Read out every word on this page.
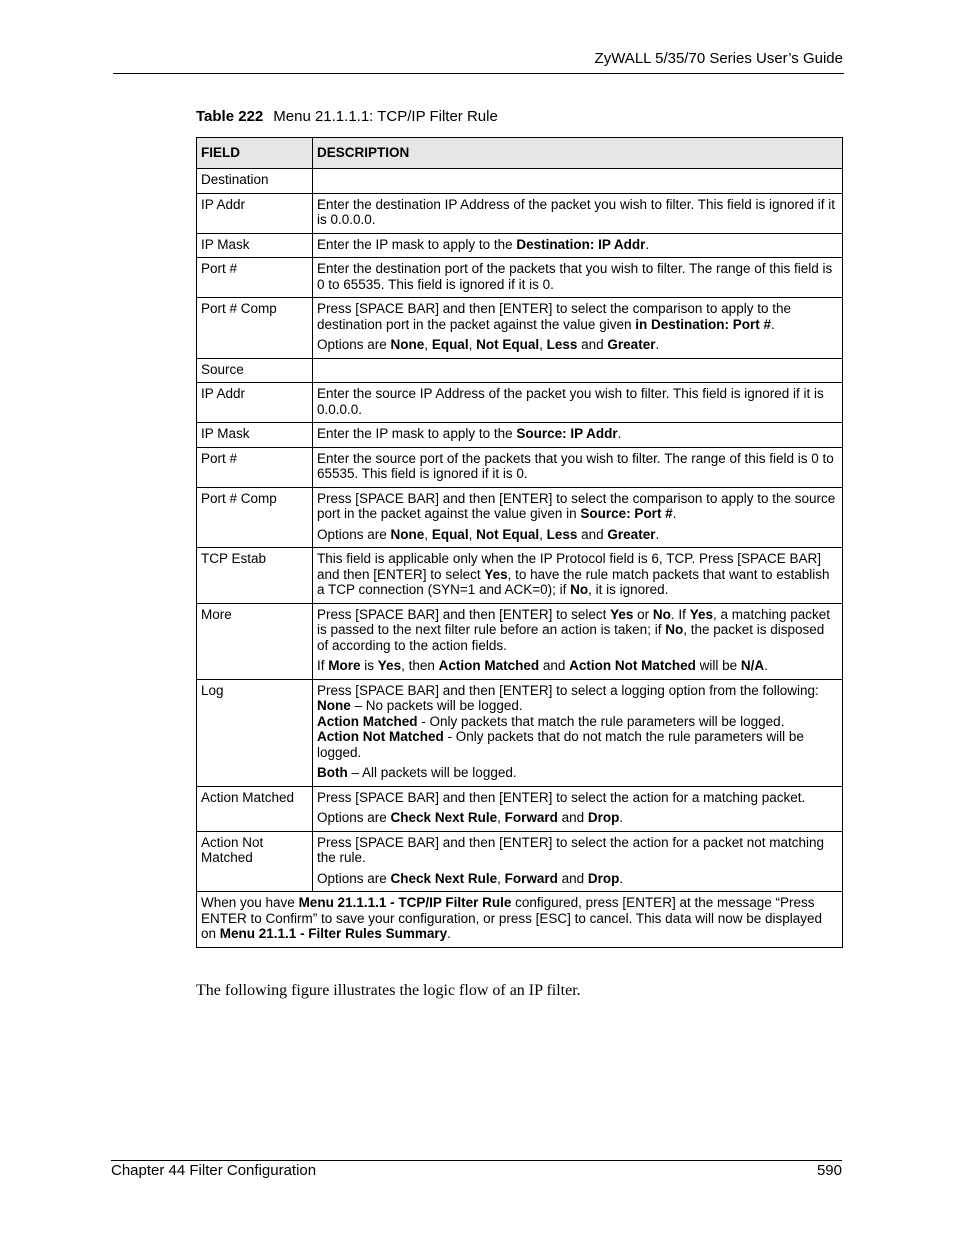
ZyWALL 5/35/70 Series User’s Guide
Table 222 Menu 21.1.1.1: TCP/IP Filter Rule
FIELD	DESCRIPTION
Destination	
IP Addr	Enter the destination IP Address of the packet you wish to filter. This field is ignored if it is 0.0.0.0.

IP Mask	Enter the IP mask to apply to the Destination: IP Addr.

Port #	Enter the destination port of the packets that you wish to filter. The range of this field is 0 to 65535. This field is ignored if it is 0.

Port # Comp	Press [SPACE BAR] and then [ENTER] to select the comparison to apply to the destination port in the packet against the value given in Destination: Port #.

Options are None, Equal, Not Equal, Less and Greater.

Source	
IP Addr	Enter the source IP Address of the packet you wish to filter. This field is ignored if it is 0.0.0.0.

IP Mask	Enter the IP mask to apply to the Source: IP Addr.

Port #	Enter the source port of the packets that you wish to filter. The range of this field is 0 to 65535. This field is ignored if it is 0.

Port # Comp	Press [SPACE BAR] and then [ENTER] to select the comparison to apply to the source port in the packet against the value given in Source: Port #.

Options are None, Equal, Not Equal, Less and Greater.

TCP Estab	This field is applicable only when the IP Protocol field is 6, TCP. Press [SPACE BAR] and then [ENTER] to select Yes, to have the rule match packets that want to establish a TCP connection (SYN=1 and ACK=0); if No, it is ignored.

More	Press [SPACE BAR] and then [ENTER] to select Yes or No. If Yes, a matching packet is passed to the next filter rule before an action is taken; if No, the packet is disposed of according to the action fields.

If More is Yes, then Action Matched and Action Not Matched will be N/A.

Log	Press [SPACE BAR] and then [ENTER] to select a logging option from the following:
None – No packets will be logged.
Action Matched - Only packets that match the rule parameters will be logged.
Action Not Matched - Only packets that do not match the rule parameters will be logged.

Both – All packets will be logged.

Action Matched	Press [SPACE BAR] and then [ENTER] to select the action for a matching packet.

Options are Check Next Rule, Forward and Drop.

Action Not Matched	Press [SPACE BAR] and then [ENTER] to select the action for a packet not matching the rule.

Options are Check Next Rule, Forward and Drop.

When you have Menu 21.1.1.1 - TCP/IP Filter Rule configured, press [ENTER] at the message “Press ENTER to Confirm” to save your configuration, or press [ESC] to cancel. This data will now be displayed on Menu 21.1.1 - Filter Rules Summary.	
The following figure illustrates the logic flow of an IP filter.
Chapter 44 Filter Configuration	590
